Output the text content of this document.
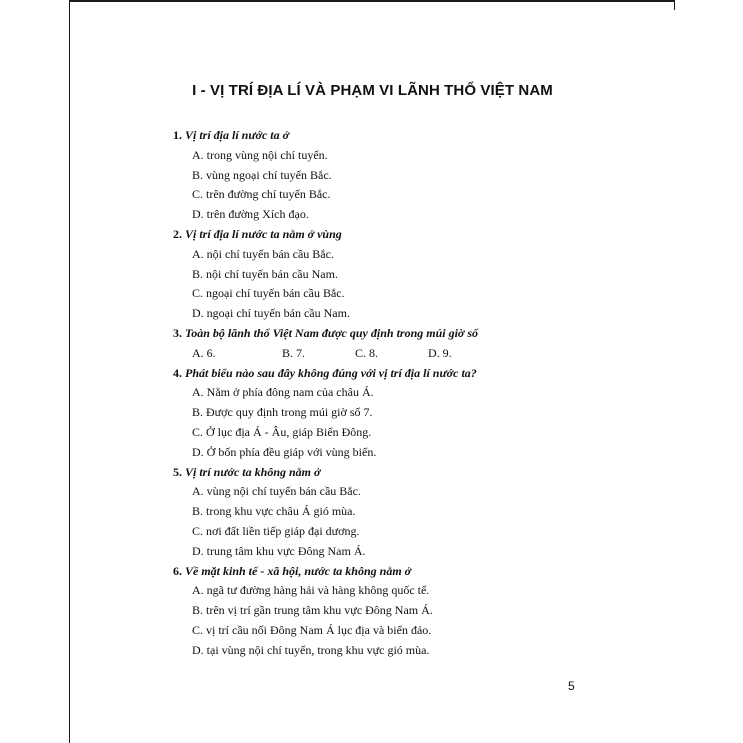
I - VỊ TRÍ ĐỊA LÍ VÀ PHẠM VI LÃNH THỔ VIỆT NAM
1. Vị trí địa lí nước ta ở
A. trong vùng nội chí tuyến.
B. vùng ngoại chí tuyến Bắc.
C. trên đường chí tuyến Bắc.
D. trên đường Xích đạo.
2. Vị trí địa lí nước ta nằm ở vùng
A. nội chí tuyến bán cầu Bắc.
B. nội chí tuyến bán cầu Nam.
C. ngoại chí tuyến bán cầu Bắc.
D. ngoại chí tuyến bán cầu Nam.
3. Toàn bộ lãnh thổ Việt Nam được quy định trong múi giờ số
A. 6.	B. 7.	C. 8.	D. 9.
4. Phát biểu nào sau đây không đúng với vị trí địa lí nước ta?
A. Nằm ở phía đông nam của châu Á.
B. Được quy định trong múi giờ số 7.
C. Ở lục địa Á - Âu, giáp Biển Đông.
D. Ở bốn phía đều giáp với vùng biển.
5. Vị trí nước ta không nằm ở
A. vùng nội chí tuyến bán cầu Bắc.
B. trong khu vực châu Á gió mùa.
C. nơi đất liền tiếp giáp đại dương.
D. trung tâm khu vực Đông Nam Á.
6. Về mặt kinh tế - xã hội, nước ta không nằm ở
A. ngã tư đường hàng hải và hàng không quốc tế.
B. trên vị trí gần trung tâm khu vực Đông Nam Á.
C. vị trí cầu nối Đông Nam Á lục địa và biển đảo.
D. tại vùng nội chí tuyến, trong khu vực gió mùa.
5
